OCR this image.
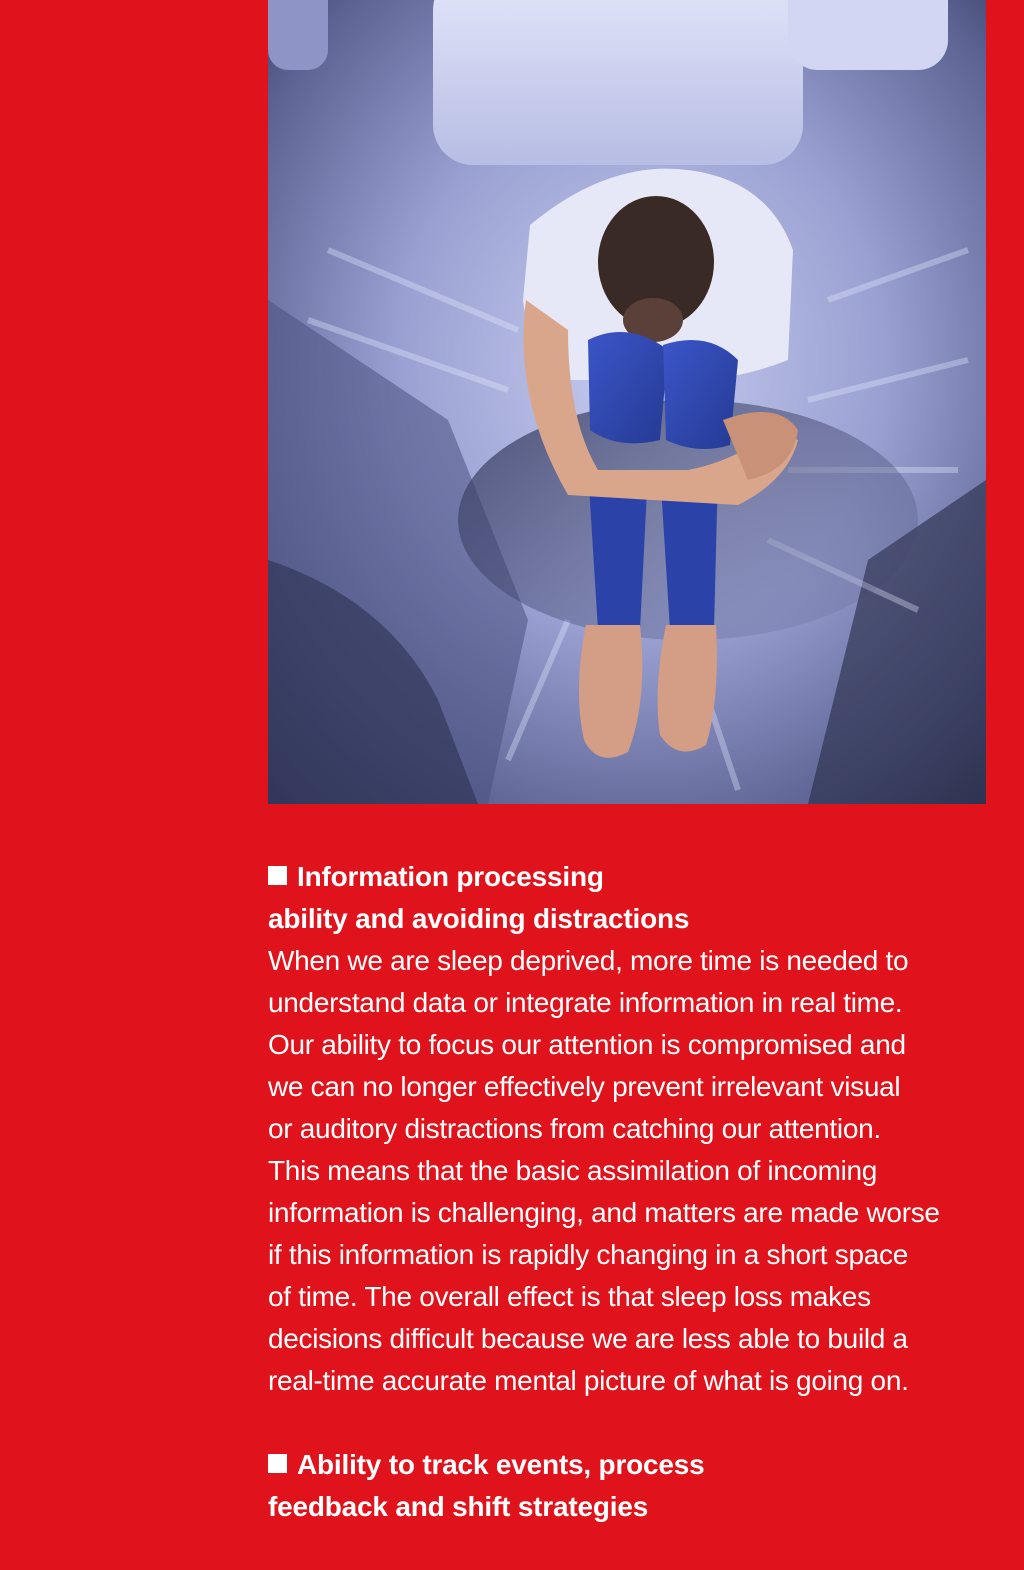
Information processing
ability and avoiding distractions

When we are sleep deprived, more time is needed to
understand data or integrate information in real time.
Our ability to focus our attention is compromised and
we can no longer effectively prevent irrelevant visual
or auditory distractions from catching our attention.
This means that the basic assimilation of incoming
information is challenging, and matters are made worse
if this information is rapidly changing in a short space
of time. The overall effect is that sleep loss makes
decisions difficult because we are less able to build a
real-time accurate mental picture of what is going on.

Ability to track events, process
feedback and shift strategies
